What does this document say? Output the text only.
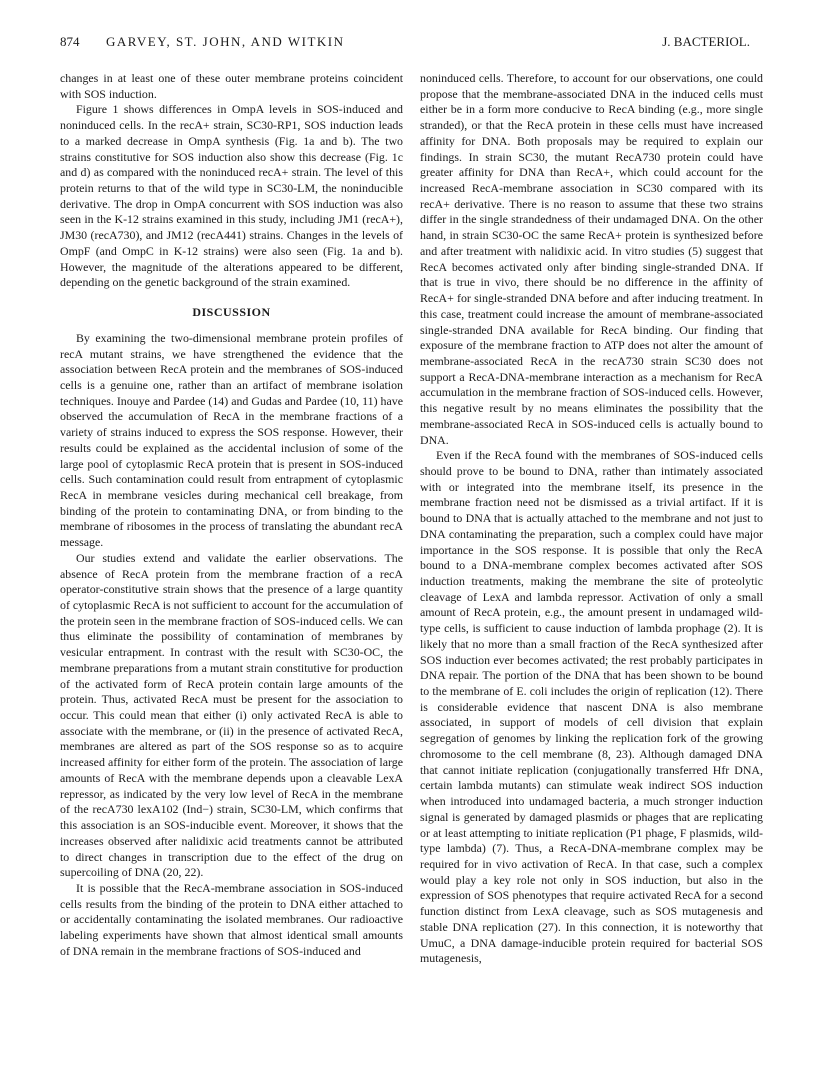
874 GARVEY, ST. JOHN, AND WITKIN	J. BACTERIOL.

changes in at least one of these outer membrane proteins coincident with SOS induction.

Figure 1 shows differences in OmpA levels in SOS-induced and noninduced cells. In the recA+ strain, SC30-RP1, SOS induction leads to a marked decrease in OmpA synthesis (Fig. 1a and b). The two strains constitutive for SOS induction also show this decrease (Fig. 1c and d) as compared with the noninduced recA+ strain. The level of this protein returns to that of the wild type in SC30-LM, the noninducible derivative. The drop in OmpA concurrent with SOS induction was also seen in the K-12 strains examined in this study, including JM1 (recA+), JM30 (recA730), and JM12 (recA441) strains. Changes in the levels of OmpF (and OmpC in K-12 strains) were also seen (Fig. 1a and b). However, the magnitude of the alterations appeared to be different, depending on the genetic background of the strain examined.

DISCUSSION

By examining the two-dimensional membrane protein profiles of recA mutant strains, we have strengthened the evidence that the association between RecA protein and the membranes of SOS-induced cells is a genuine one, rather than an artifact of membrane isolation techniques. Inouye and Pardee (14) and Gudas and Pardee (10, 11) have observed the accumulation of RecA in the membrane fractions of a variety of strains induced to express the SOS response. However, their results could be explained as the accidental inclusion of some of the large pool of cytoplasmic RecA protein that is present in SOS-induced cells. Such contamination could result from entrapment of cytoplasmic RecA in membrane vesicles during mechanical cell breakage, from binding of the protein to contaminating DNA, or from binding to the membrane of ribosomes in the process of translating the abundant recA message.

Our studies extend and validate the earlier observations. The absence of RecA protein from the membrane fraction of a recA operator-constitutive strain shows that the presence of a large quantity of cytoplasmic RecA is not sufficient to account for the accumulation of the protein seen in the membrane fraction of SOS-induced cells. We can thus eliminate the possibility of contamination of membranes by vesicular entrapment. In contrast with the result with SC30-OC, the membrane preparations from a mutant strain constitutive for production of the activated form of RecA protein contain large amounts of the protein. Thus, activated RecA must be present for the association to occur. This could mean that either (i) only activated RecA is able to associate with the membrane, or (ii) in the presence of activated RecA, membranes are altered as part of the SOS response so as to acquire increased affinity for either form of the protein. The association of large amounts of RecA with the membrane depends upon a cleavable LexA repressor, as indicated by the very low level of RecA in the membrane of the recA730 lexA102 (Ind−) strain, SC30-LM, which confirms that this association is an SOS-inducible event. Moreover, it shows that the increases observed after nalidixic acid treatments cannot be attributed to direct changes in transcription due to the effect of the drug on supercoiling of DNA (20, 22).

It is possible that the RecA-membrane association in SOS-induced cells results from the binding of the protein to DNA either attached to or accidentally contaminating the isolated membranes. Our radioactive labeling experiments have shown that almost identical small amounts of DNA remain in the membrane fractions of SOS-induced and

noninduced cells. Therefore, to account for our observations, one could propose that the membrane-associated DNA in the induced cells must either be in a form more conducive to RecA binding (e.g., more single stranded), or that the RecA protein in these cells must have increased affinity for DNA. Both proposals may be required to explain our findings. In strain SC30, the mutant RecA730 protein could have greater affinity for DNA than RecA+, which could account for the increased RecA-membrane association in SC30 compared with its recA+ derivative. There is no reason to assume that these two strains differ in the single strandedness of their undamaged DNA. On the other hand, in strain SC30-OC the same RecA+ protein is synthesized before and after treatment with nalidixic acid. In vitro studies (5) suggest that RecA becomes activated only after binding single-stranded DNA. If that is true in vivo, there should be no difference in the affinity of RecA+ for single-stranded DNA before and after inducing treatment. In this case, treatment could increase the amount of membrane-associated single-stranded DNA available for RecA binding. Our finding that exposure of the membrane fraction to ATP does not alter the amount of membrane-associated RecA in the recA730 strain SC30 does not support a RecA-DNA-membrane interaction as a mechanism for RecA accumulation in the membrane fraction of SOS-induced cells. However, this negative result by no means eliminates the possibility that the membrane-associated RecA in SOS-induced cells is actually bound to DNA.

Even if the RecA found with the membranes of SOS-induced cells should prove to be bound to DNA, rather than intimately associated with or integrated into the membrane itself, its presence in the membrane fraction need not be dismissed as a trivial artifact. If it is bound to DNA that is actually attached to the membrane and not just to DNA contaminating the preparation, such a complex could have major importance in the SOS response. It is possible that only the RecA bound to a DNA-membrane complex becomes activated after SOS induction treatments, making the membrane the site of proteolytic cleavage of LexA and lambda repressor. Activation of only a small amount of RecA protein, e.g., the amount present in undamaged wild-type cells, is sufficient to cause induction of lambda prophage (2). It is likely that no more than a small fraction of the RecA synthesized after SOS induction ever becomes activated; the rest probably participates in DNA repair. The portion of the DNA that has been shown to be bound to the membrane of E. coli includes the origin of replication (12). There is considerable evidence that nascent DNA is also membrane associated, in support of models of cell division that explain segregation of genomes by linking the replication fork of the growing chromosome to the cell membrane (8, 23). Although damaged DNA that cannot initiate replication (conjugationally transferred Hfr DNA, certain lambda mutants) can stimulate weak indirect SOS induction when introduced into undamaged bacteria, a much stronger induction signal is generated by damaged plasmids or phages that are replicating or at least attempting to initiate replication (P1 phage, F plasmids, wild-type lambda) (7). Thus, a RecA-DNA-membrane complex may be required for in vivo activation of RecA. In that case, such a complex would play a key role not only in SOS induction, but also in the expression of SOS phenotypes that require activated RecA for a second function distinct from LexA cleavage, such as SOS mutagenesis and stable DNA replication (27). In this connection, it is noteworthy that UmuC, a DNA damage-inducible protein required for bacterial SOS mutagenesis,
